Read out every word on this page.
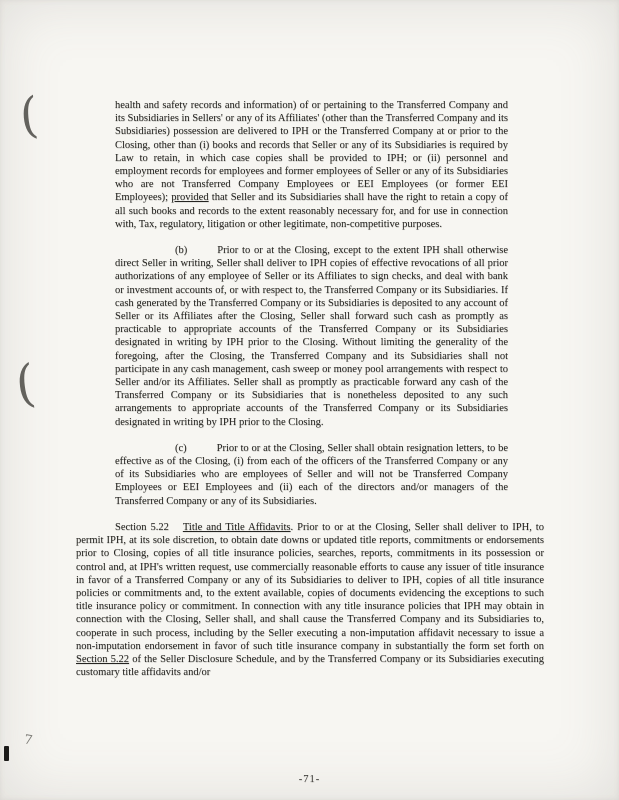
(
(
7

health and safety records and information) of or pertaining to the Transferred Company and its Subsidiaries in Sellers' or any of its Affiliates' (other than the Transferred Company and its Subsidiaries) possession are delivered to IPH or the Transferred Company at or prior to the Closing, other than (i) books and records that Seller or any of its Subsidiaries is required by Law to retain, in which case copies shall be provided to IPH; or (ii) personnel and employment records for employees and former employees of Seller or any of its Subsidiaries who are not Transferred Company Employees or EEI Employees (or former EEI Employees); provided that Seller and its Subsidiaries shall have the right to retain a copy of all such books and records to the extent reasonably necessary for, and for use in connection with, Tax, regulatory, litigation or other legitimate, non-competitive purposes.

(b)	Prior to or at the Closing, except to the extent IPH shall otherwise direct Seller in writing, Seller shall deliver to IPH copies of effective revocations of all prior authorizations of any employee of Seller or its Affiliates to sign checks, and deal with bank or investment accounts of, or with respect to, the Transferred Company or its Subsidiaries. If cash generated by the Transferred Company or its Subsidiaries is deposited to any account of Seller or its Affiliates after the Closing, Seller shall forward such cash as promptly as practicable to appropriate accounts of the Transferred Company or its Subsidiaries designated in writing by IPH prior to the Closing. Without limiting the generality of the foregoing, after the Closing, the Transferred Company and its Subsidiaries shall not participate in any cash management, cash sweep or money pool arrangements with respect to Seller and/or its Affiliates. Seller shall as promptly as practicable forward any cash of the Transferred Company or its Subsidiaries that is nonetheless deposited to any such arrangements to appropriate accounts of the Transferred Company or its Subsidiaries designated in writing by IPH prior to the Closing.

(c)	Prior to or at the Closing, Seller shall obtain resignation letters, to be effective as of the Closing, (i) from each of the officers of the Transferred Company or any of its Subsidiaries who are employees of Seller and will not be Transferred Company Employees or EEI Employees and (ii) each of the directors and/or managers of the Transferred Company or any of its Subsidiaries.

Section 5.22 Title and Title Affidavits. Prior to or at the Closing, Seller shall deliver to IPH, to permit IPH, at its sole discretion, to obtain date downs or updated title reports, commitments or endorsements prior to Closing, copies of all title insurance policies, searches, reports, commitments in its possession or control and, at IPH's written request, use commercially reasonable efforts to cause any issuer of title insurance in favor of a Transferred Company or any of its Subsidiaries to deliver to IPH, copies of all title insurance policies or commitments and, to the extent available, copies of documents evidencing the exceptions to such title insurance policy or commitment. In connection with any title insurance policies that IPH may obtain in connection with the Closing, Seller shall, and shall cause the Transferred Company and its Subsidiaries to, cooperate in such process, including by the Seller executing a non-imputation affidavit necessary to issue a non-imputation endorsement in favor of such title insurance company in substantially the form set forth on Section 5.22 of the Seller Disclosure Schedule, and by the Transferred Company or its Subsidiaries executing customary title affidavits and/or

-71-
